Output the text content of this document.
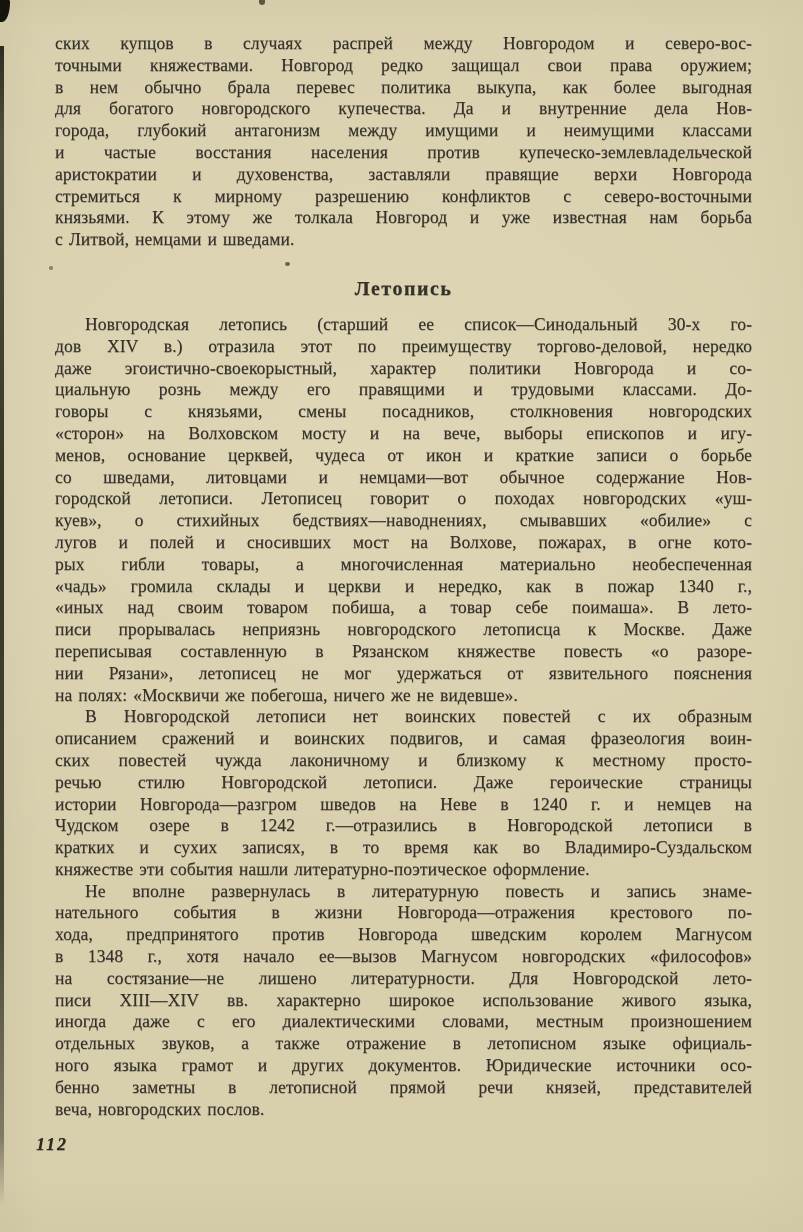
ских купцов в случаях распрей между Новгородом и северо-вос-
точными княжествами. Новгород редко защищал свои права оружием;
в нем обычно брала перевес политика выкупа, как более выгодная
для богатого новгородского купечества. Да и внутренние дела Нов-
города, глубокий антагонизм между имущими и неимущими классами
и частые восстания населения против купеческо-землевладельческой
аристократии и духовенства, заставляли правящие верхи Новгорода
стремиться к мирному разрешению конфликтов с северо-восточными
князьями. К этому же толкала Новгород и уже известная нам борьба
с Литвой, немцами и шведами.
Летопись
Новгородская летопись (старший ее список—Синодальный 30-х го-
дов XIV в.) отразила этот по преимуществу торгово-деловой, нередко
даже эгоистично-своекорыстный, характер политики Новгорода и со-
циальную рознь между его правящими и трудовыми классами. До-
говоры с князьями, смены посадников, столкновения новгородских
«сторон» на Волховском мосту и на вече, выборы епископов и игу-
менов, основание церквей, чудеса от икон и краткие записи о борьбе
со шведами, литовцами и немцами—вот обычное содержание Нов-
городской летописи. Летописец говорит о походах новгородских «уш-
куев», о стихийных бедствиях—наводнениях, смывавших «обилие» с
лугов и полей и сносивших мост на Волхове, пожарах, в огне кото-
рых гибли товары, а многочисленная материально необеспеченная
«чадь» громила склады и церкви и нередко, как в пожар 1340 г.,
«иных над своим товаром побиша, а товар себе поимаша». В лето-
писи прорывалась неприязнь новгородского летописца к Москве. Даже
переписывая составленную в Рязанском княжестве повесть «о разоре-
нии Рязани», летописец не мог удержаться от язвительного пояснения
на полях: «Москвичи же побегоша, ничего же не видевше».
В Новгородской летописи нет воинских повестей с их образным
описанием сражений и воинских подвигов, и самая фразеология воин-
ских повестей чужда лаконичному и близкому к местному просто-
речью стилю Новгородской летописи. Даже героические страницы
истории Новгорода—разгром шведов на Неве в 1240 г. и немцев на
Чудском озере в 1242 г.—отразились в Новгородской летописи в
кратких и сухих записях, в то время как во Владимиро-Суздальском
княжестве эти события нашли литературно-поэтическое оформление.
Не вполне развернулась в литературную повесть и запись знаме-
нательного события в жизни Новгорода—отражения крестового по-
хода, предпринятого против Новгорода шведским королем Магнусом
в 1348 г., хотя начало ее—вызов Магнусом новгородских «философов»
на состязание—не лишено литературности. Для Новгородской лето-
писи XIII—XIV вв. характерно широкое использование живого языка,
иногда даже с его диалектическими словами, местным произношением
отдельных звуков, а также отражение в летописном языке официаль-
ного языка грамот и других документов. Юридические источники осо-
бенно заметны в летописной прямой речи князей, представителей
веча, новгородских послов.
112
